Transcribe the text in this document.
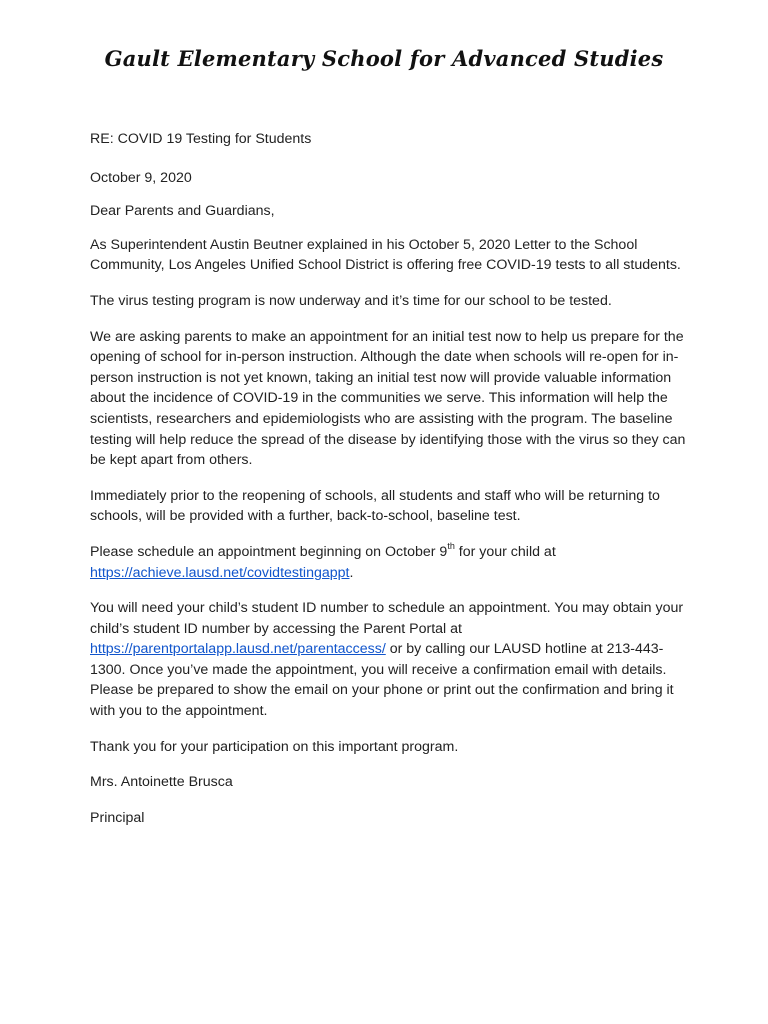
Gault Elementary School for Advanced Studies

RE: COVID 19 Testing for Students

October 9, 2020

Dear Parents and Guardians,

As Superintendent Austin Beutner explained in his October 5, 2020 Letter to the School Community, Los Angeles Unified School District is offering free COVID-19 tests to all students.

The virus testing program is now underway and it’s time for our school to be tested.

We are asking parents to make an appointment for an initial test now to help us prepare for the opening of school for in-person instruction. Although the date when schools will re-open for in-person instruction is not yet known, taking an initial test now will provide valuable information about the incidence of COVID-19 in the communities we serve. This information will help the scientists, researchers and epidemiologists who are assisting with the program. The baseline testing will help reduce the spread of the disease by identifying those with the virus so they can be kept apart from others.

Immediately prior to the reopening of schools, all students and staff who will be returning to schools, will be provided with a further, back-to-school, baseline test.

Please schedule an appointment beginning on October 9th for your child at
https://achieve.lausd.net/covidtestingappt.

You will need your child’s student ID number to schedule an appointment. You may obtain your child’s student ID number by accessing the Parent Portal at https://parentportalapp.lausd.net/parentaccess/ or by calling our LAUSD hotline at 213-443-1300. Once you’ve made the appointment, you will receive a confirmation email with details. Please be prepared to show the email on your phone or print out the confirmation and bring it with you to the appointment.

Thank you for your participation on this important program.

Mrs. Antoinette Brusca

Principal
